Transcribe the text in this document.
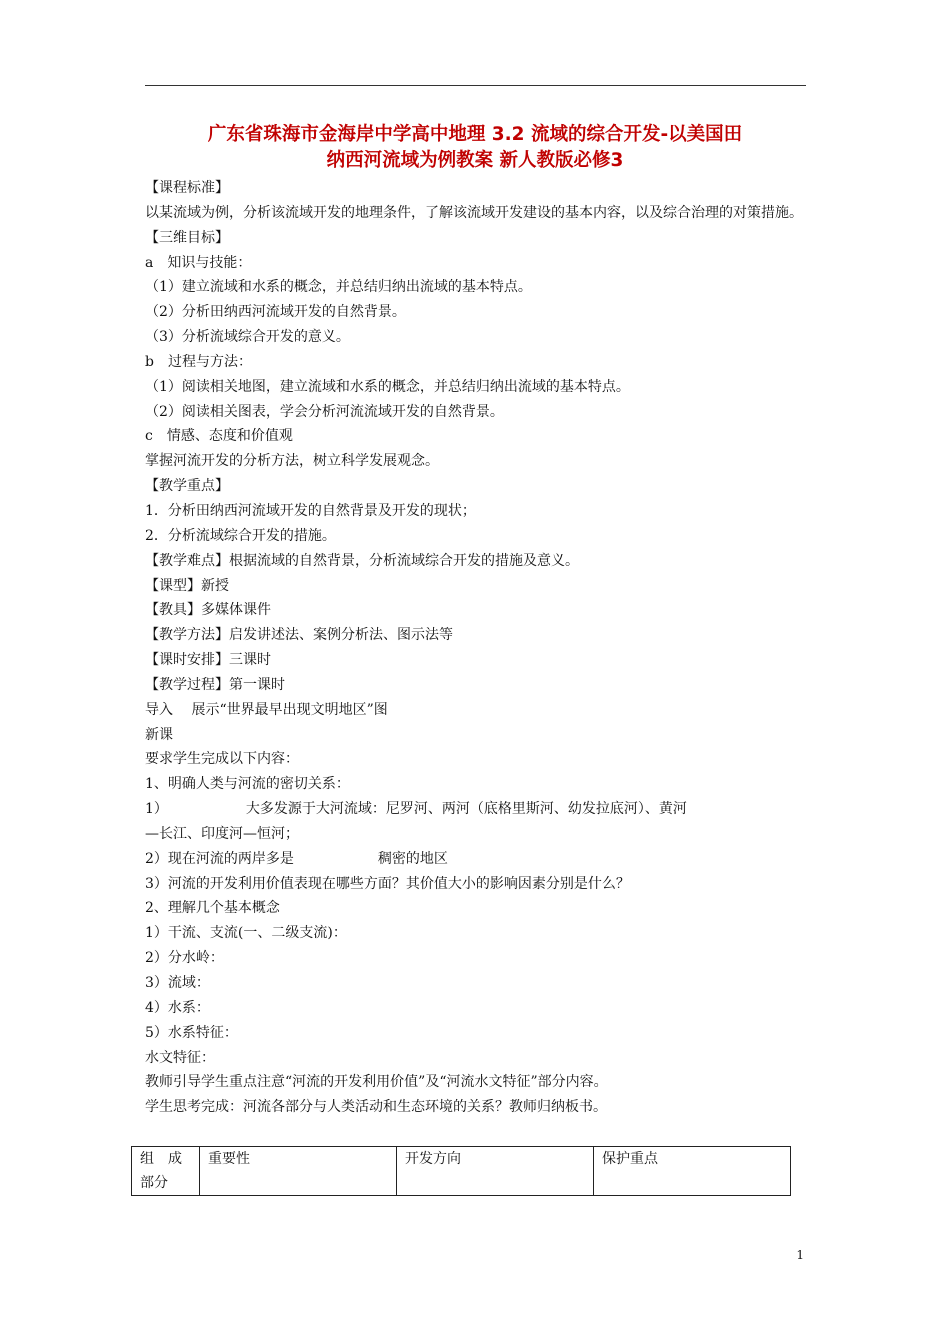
广东省珠海市金海岸中学高中地理 3.2 流域的综合开发-以美国田
纳西河流域为例教案 新人教版必修3
【课程标准】
以某流域为例，分析该流域开发的地理条件，了解该流域开发建设的基本内容，以及综合治理的对策措施。
【三维目标】
a　知识与技能：
（1）建立流域和水系的概念，并总结归纳出流域的基本特点。
（2）分析田纳西河流域开发的自然背景。
（3）分析流域综合开发的意义。
b　过程与方法：
（1）阅读相关地图，建立流域和水系的概念，并总结归纳出流域的基本特点。
（2）阅读相关图表，学会分析河流流域开发的自然背景。
c　情感、态度和价值观
掌握河流开发的分析方法，树立科学发展观念。
【教学重点】
1．分析田纳西河流域开发的自然背景及开发的现状；
2．分析流域综合开发的措施。
【教学难点】根据流域的自然背景，分析流域综合开发的措施及意义。
【课型】新授
【教具】多媒体课件
【教学方法】启发讲述法、案例分析法、图示法等
【课时安排】三课时
【教学过程】第一课时
导入　 展示“世界最早出现文明地区”图
新课
要求学生完成以下内容：
1、明确人类与河流的密切关系：
1）	大多发源于大河流域：尼罗河、两河（底格里斯河、幼发拉底河）、黄河
—长江、印度河—恒河；
2）现在河流的两岸多是	稠密的地区
3）河流的开发利用价值表现在哪些方面？其价值大小的影响因素分别是什么？
2、理解几个基本概念
1）干流、支流(一、二级支流)：
2）分水岭：
3）流域：
4）水系：
5）水系特征：
水文特征：
教师引导学生重点注意“河流的开发利用价值”及“河流水文特征”部分内容。
学生思考完成：河流各部分与人类活动和生态环境的关系？教师归纳板书。
组　成部分	重要性	开发方向	保护重点
1
